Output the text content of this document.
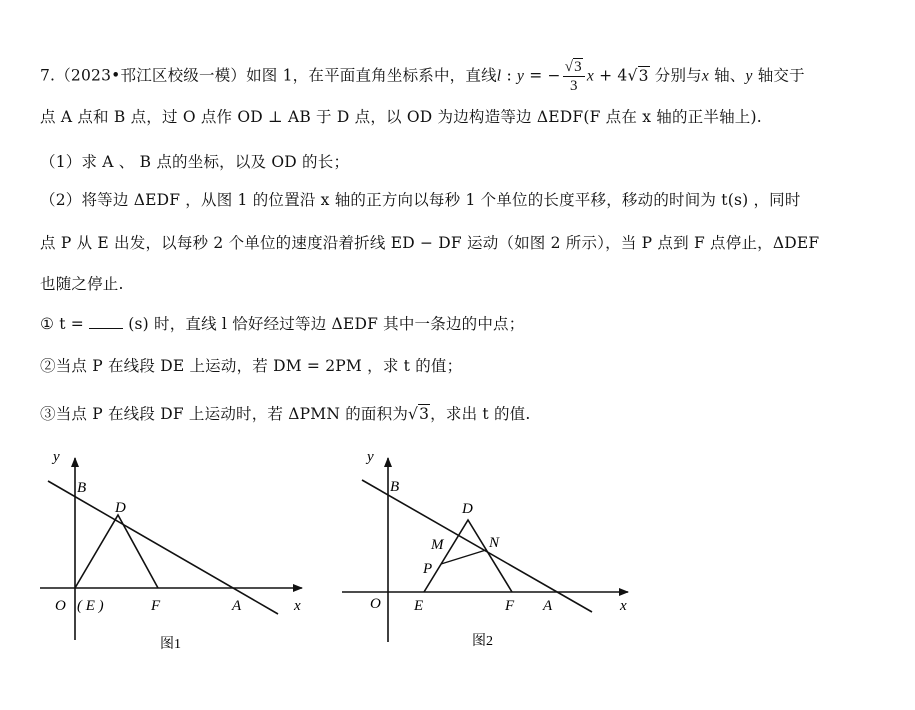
7.（2023•邗江区校级一模）如图 1，在平面直角坐标系中，直线l : y = − $\frac{√3}{3}$ x + 4√3 分别与x 轴、y 轴交于
点 A 点和 B 点，过 O 点作 OD ⊥ AB 于 D 点，以 OD 为边构造等边 ΔEDF(F 点在 x 轴的正半轴上).
（1）求 A 、 B 点的坐标，以及 OD 的长；
（2）将等边 ΔEDF ，从图 1 的位置沿 x 轴的正方向以每秒 1 个单位的长度平移，移动的时间为 t(s) ，同时
点 P 从 E 出发，以每秒 2 个单位的速度沿着折线 ED − DF 运动（如图 2 所示），当 P 点到 F 点停止，ΔDEF
也随之停止.
① t =  (s) 时，直线 l 恰好经过等边 ΔEDF 其中一条边的中点；
②当点 P 在线段 DE 上运动，若 DM = 2PM ，求 t 的值；
③当点 P 在线段 DF 上运动时，若 ΔPMN 的面积为√3，求出 t 的值.
y
B
D
O ( E )	F	A	x
图1
y
B
D
M	N
P
O E	F A	x
图2
